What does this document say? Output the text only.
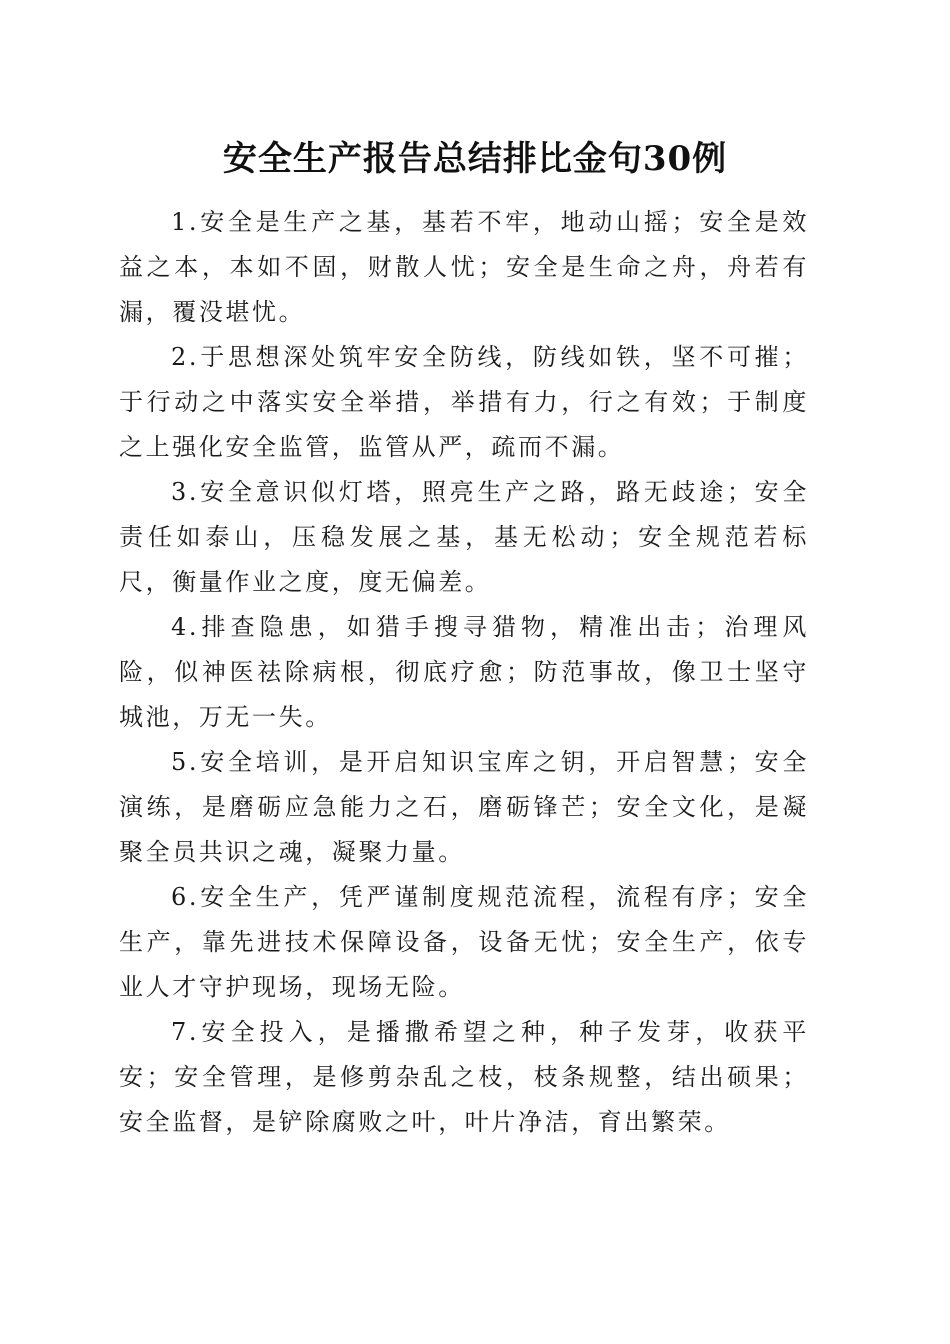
安全生产报告总结排比金句30例

1.安全是生产之基，基若不牢，地动山摇；安全是效益之本，本如不固，财散人忧；安全是生命之舟，舟若有漏，覆没堪忧。

2.于思想深处筑牢安全防线，防线如铁，坚不可摧；于行动之中落实安全举措，举措有力，行之有效；于制度之上强化安全监管，监管从严，疏而不漏。

3.安全意识似灯塔，照亮生产之路，路无歧途；安全责任如泰山，压稳发展之基，基无松动；安全规范若标尺，衡量作业之度，度无偏差。

4.排查隐患，如猎手搜寻猎物，精准出击；治理风险，似神医祛除病根，彻底疗愈；防范事故，像卫士坚守城池，万无一失。

5.安全培训，是开启知识宝库之钥，开启智慧；安全演练，是磨砺应急能力之石，磨砺锋芒；安全文化，是凝聚全员共识之魂，凝聚力量。

6.安全生产，凭严谨制度规范流程，流程有序；安全生产，靠先进技术保障设备，设备无忧；安全生产，依专业人才守护现场，现场无险。

7.安全投入，是播撒希望之种，种子发芽，收获平安；安全管理，是修剪杂乱之枝，枝条规整，结出硕果；安全监督，是铲除腐败之叶，叶片净洁，育出繁荣。
